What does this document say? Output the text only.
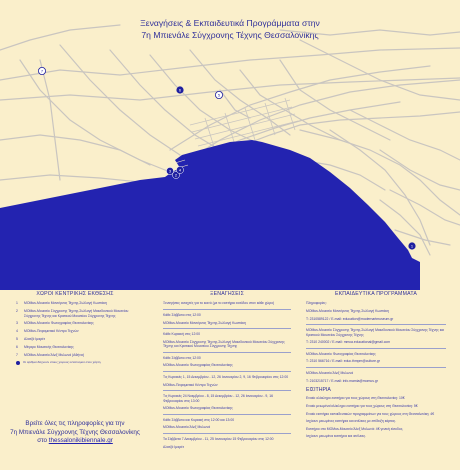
Ξεναγήσεις & Εκπαιδευτικά Προγράμματα στην
7η Μπιενάλε Σύγχρονης Τέχνης Θεσσαλονίκης
1
2
3 4
5
6
7
ΧΩΡΟΙ ΚΕΝΤΡΙΚΗΣ ΕΚΘΕΣΗΣ
1	MOMus-Μουσείο Μοντέρνας Τέχνης-Συλλογή Κωστάκη
2	MOMus-Μουσείο Σύγχρονης Τέχνης-Συλλογή Μακεδονικού Μουσείου Σύγχρονης Τέχνης και Κρατικού Μουσείου Σύγχρονης Τέχνης
3	MOMus-Μουσείο Φωτογραφίας Θεσσαλονίκης
4	MOMus-Πειραματικό Κέντρο Τεχνών
5	Αλατζά Ιμαρέτ
6	Μέγαρο Μουσικής Θεσσαλονίκης
7	MOMus-Μουσείο Άλεξ Μυλωνά (Αθήνα)
Οι αριθμοί δείχνουν στους χώρους εντοπισμού στον χάρτη.
ΞΕΝΑΓΗΣΕΙΣ
Ξεναγήσεις ανοιχτές για το κοινό (με το εισιτήριο εισόδου στον κάθε χώρο)
Κάθε Σάββατο στις 12:00
MOMus-Μουσείο Μοντέρνας Τέχνης-Συλλογή Κωστάκη
Κάθε Κυριακή στις 12:00
MOMus-Μουσείο Σύγχρονης Τέχνης-Συλλογή Μακεδονικού Μουσείου Σύγχρονης Τέχνης και Κρατικού Μουσείου Σύγχρονης Τέχνης
Κάθε Σάββατο στις 12:00
MOMus-Μουσείο Φωτογραφίας Θεσσαλονίκης
Τις Κυριακές 1, 15 Δεκεμβρίου - 12, 26 Ιανουαρίου 2, 9, 16 Φεβρουαρίου στις 12:00
MOMus-Πειραματικό Κέντρο Τεχνών
Τις Κυριακές 24 Νοεμβρίου - 8, 15 Δεκεμβρίου - 12, 26 Ιανουαρίου - 9, 16 Φεβρουαρίου στις 13:00
MOMus-Μουσείο Φωτογραφίας Θεσσαλονίκης
Κάθε Σάββατο και Κυριακή στις 12:00 και 13:00
MOMus-Μουσείο Άλεξ Μυλωνά
Τα Σάββατα 7 Δεκεμβρίου - 11, 25 Ιανουαρίου 15 Φεβρουαρίου στις 12:00
Αλατζά Ιμαρέτ
ΕΚΠΑΙΔΕΥΤΙΚΑ ΠΡΟΓΡΑΜΜΑΤΑ
Πληροφορίες:
MOMus-Μουσείο Μοντέρνας Τέχνης-Συλλογή Κωστάκη
T: 2310589122 / E-mail: education@modernartmuseum.gr
MOMus-Μουσείο Σύγχρονης Τέχνης-Συλλογή Μακεδονικού Μουσείου Σύγχρονης Τέχνης και Κρατικού Μουσείου Σύγχρονης Τέχνης
T: 2310 240002 / E-mail: mmca.educational@gmail.com
MOMus-Μουσείο Φωτογραφίας Θεσσαλονίκης
T: 2310 566716 / E-mail: educ.thmpm@culture.gr
MOMus-Μουσείο Άλεξ Μυλωνά
T: 2103215717 / E-mail: info.mamia@momus.gr
ΕΙΣΙΤΗΡΙΑ
Ενιαίο ολόκληρο εισιτήριο για τους χώρους στη Θεσσαλονίκη: 10€
Ενιαίο μειωμένο/ολόκληρο εισιτήριο για τους χώρους στη Θεσσαλονίκη: 5€
Ενιαίο εισιτήριο εκπαιδευτικών προγραμμάτων για τους χώρους στη Θεσσαλονίκη: 4€
Ισχύουν μειωμένες εισιτήρια και ατέλειες με επίδειξη κάρτας.
Εισιτήριο στο MOMus-Μουσείο Άλεξ Μυλωνά: 4€ γενική είσοδος.
Ισχύουν μειωμένα εισιτήρια και ατέλειες.
Βρείτε όλες τις πληροφορίες για την
7η Μπιενάλε Σύγχρονης Τέχνης Θεσσαλονίκης
στο thessalonikibiennale.gr
